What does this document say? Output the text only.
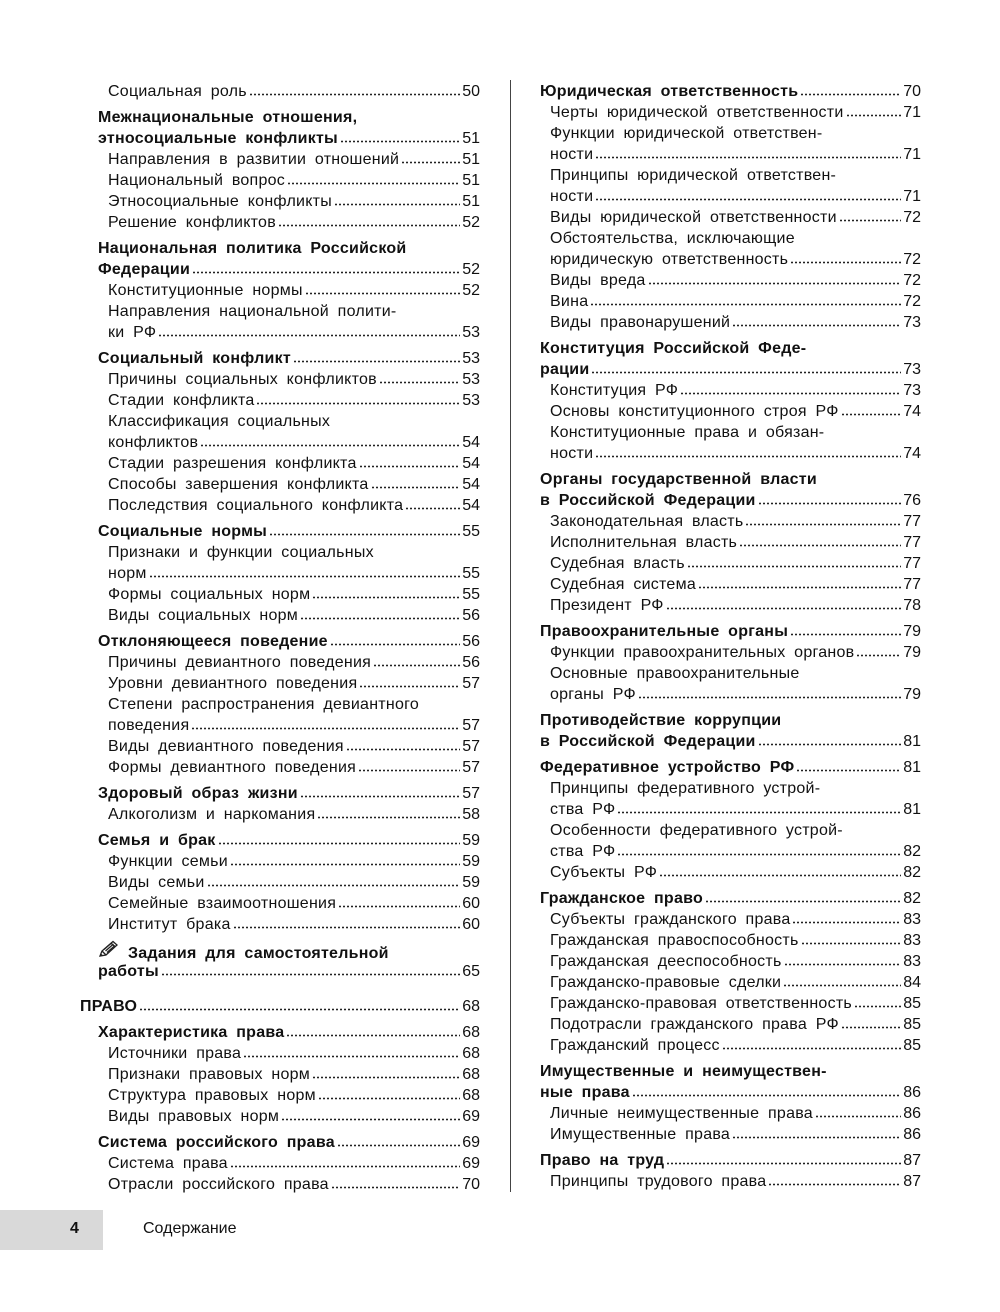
Социальная роль	50
Межнациональные отношения,
этносоциальные конфликты	51
Направления в развитии отношений	51
Национальный вопрос	51
Этносоциальные конфликты	51
Решение конфликтов	52
Национальная политика Российской
Федерации	52
Конституционные нормы	52
Направления национальной полити-
ки РФ	53
Социальный конфликт	53
Причины социальных конфликтов	53
Стадии конфликта	53
Классификация социальных
конфликтов	54
Стадии разрешения конфликта	54
Способы завершения конфликта	54
Последствия социального конфликта	54
Социальные нормы	55
Признаки и функции социальных
норм	55
Формы социальных норм	55
Виды социальных норм	56
Отклоняющееся поведение	56
Причины девиантного поведения	56
Уровни девиантного поведения	57
Степени распространения девиантного
поведения	57
Виды девиантного поведения	57
Формы девиантного поведения	57
Здоровый образ жизни	57
Алкоголизм и наркомания	58
Семья и брак	59
Функции семьи	59
Виды семьи	59
Семейные взаимоотношения	60
Институт брака	60
Задания для самостоятельной
работы	65
ПРАВО	68
Характеристика права	68
Источники права	68
Признаки правовых норм	68
Структура правовых норм	68
Виды правовых норм	69
Система российского права	69
Система права	69
Отрасли российского права	70
Юридическая ответственность	70
Черты юридической ответственности	71
Функции юридической ответствен-
ности	71
Принципы юридической ответствен-
ности	71
Виды юридической ответственности	72
Обстоятельства, исключающие
юридическую ответственность	72
Виды вреда	72
Вина	72
Виды правонарушений	73
Конституция Российской Феде-
рации	73
Конституция РФ	73
Основы конституционного строя РФ	74
Конституционные права и обязан-
ности	74
Органы государственной власти
в Российской Федерации	76
Законодательная власть	77
Исполнительная власть	77
Судебная власть	77
Судебная система	77
Президент РФ	78
Правоохранительные органы	79
Функции правоохранительных органов	79
Основные правоохранительные
органы РФ	79
Противодействие коррупции
в Российской Федерации	81
Федеративное устройство РФ	81
Принципы федеративного устрой-
ства РФ	81
Особенности федеративного устрой-
ства РФ	82
Субъекты РФ	82
Гражданское право	82
Субъекты гражданского права	83
Гражданская правоспособность	83
Гражданская дееспособность	83
Гражданско-правовые сделки	84
Гражданско-правовая ответственность	85
Подотрасли гражданского права РФ	85
Гражданский процесс	85
Имущественные и неимуществен-
ные права	86
Личные неимущественные права	86
Имущественные права	86
Право на труд	87
Принципы трудового права	87
4	Содержание
